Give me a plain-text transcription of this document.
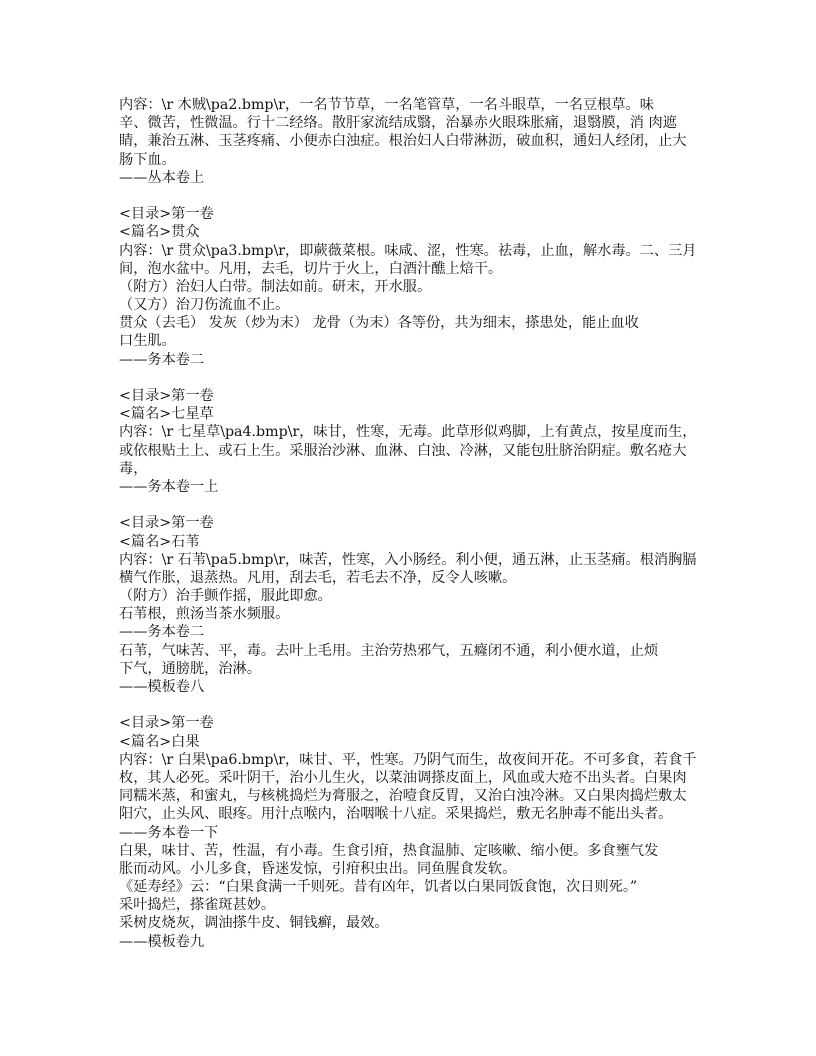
内容：\r 木贼\pa2.bmp\r，一名节节草，一名笔管草，一名斗眼草，一名豆根草。味
辛、微苦，性微温。行十二经络。散肝家流结成翳，治暴赤火眼珠胀痛，退翳膜，消 肉遮
睛，兼治五淋、玉茎疼痛、小便赤白浊症。根治妇人白带淋沥，破血积，通妇人经闭，止大
肠下血。
——丛本卷上
<目录>第一卷
<篇名>贯众
内容：\r 贯众\pa3.bmp\r，即蕨薇菜根。味咸、涩，性寒。祛毒，止血，解水毒。二、三月
间，泡水盆中。凡用，去毛，切片于火上，白酒汁醮上焙干。
（附方）治妇人白带。制法如前。研末，开水服。
（又方）治刀伤流血不止。
贯众（去毛） 发灰（炒为末） 龙骨（为末）各等份，共为细末，搽患处，能止血收
口生肌。
——务本卷二
<目录>第一卷
<篇名>七星草
内容：\r 七星草\pa4.bmp\r，味甘，性寒，无毒。此草形似鸡脚，上有黄点，按星度而生，
或依根贴土上、或石上生。采服治沙淋、血淋、白浊、冷淋，又能包肚脐治阴症。敷名疮大
毒，
——务本卷一上
<目录>第一卷
<篇名>石苇
内容：\r 石苇\pa5.bmp\r，味苦，性寒，入小肠经。利小便，通五淋，止玉茎痛。根消胸膈
横气作胀，退蒸热。凡用，刮去毛，若毛去不净，反令人咳嗽。
（附方）治手颤作摇，服此即愈。
石苇根，煎汤当茶水频服。
——务本卷二
石苇，气味苦、平，毒。去叶上毛用。主治劳热邪气，五癃闭不通，利小便水道，止烦
下气，通膀胱，治淋。
——模板卷八
<目录>第一卷
<篇名>白果
内容：\r 白果\pa6.bmp\r，味甘、平，性寒。乃阴气而生，故夜间开花。不可多食，若食千
枚，其人必死。采叶阴干，治小儿生火，以菜油调搽皮面上，风血或大疮不出头者。白果肉
同糯米蒸，和蜜丸，与核桃捣烂为膏服之，治噎食反胃，又治白浊冷淋。又白果肉捣烂敷太
阳穴，止头风、眼疼。用汁点喉内，治咽喉十八症。采果捣烂，敷无名肿毒不能出头者。
——务本卷一下
白果，味甘、苦，性温，有小毒。生食引疳，热食温肺、定咳嗽、缩小便。多食壅气发
胀而动风。小儿多食，昏迷发惊，引疳积虫出。同鱼腥食发软。
《延寿经》云：“白果食满一千则死。昔有凶年，饥者以白果同饭食饱，次日则死。”
采叶捣烂，搽雀斑甚妙。
采树皮烧灰，调油搽牛皮、铜钱癣，最效。
——模板卷九
